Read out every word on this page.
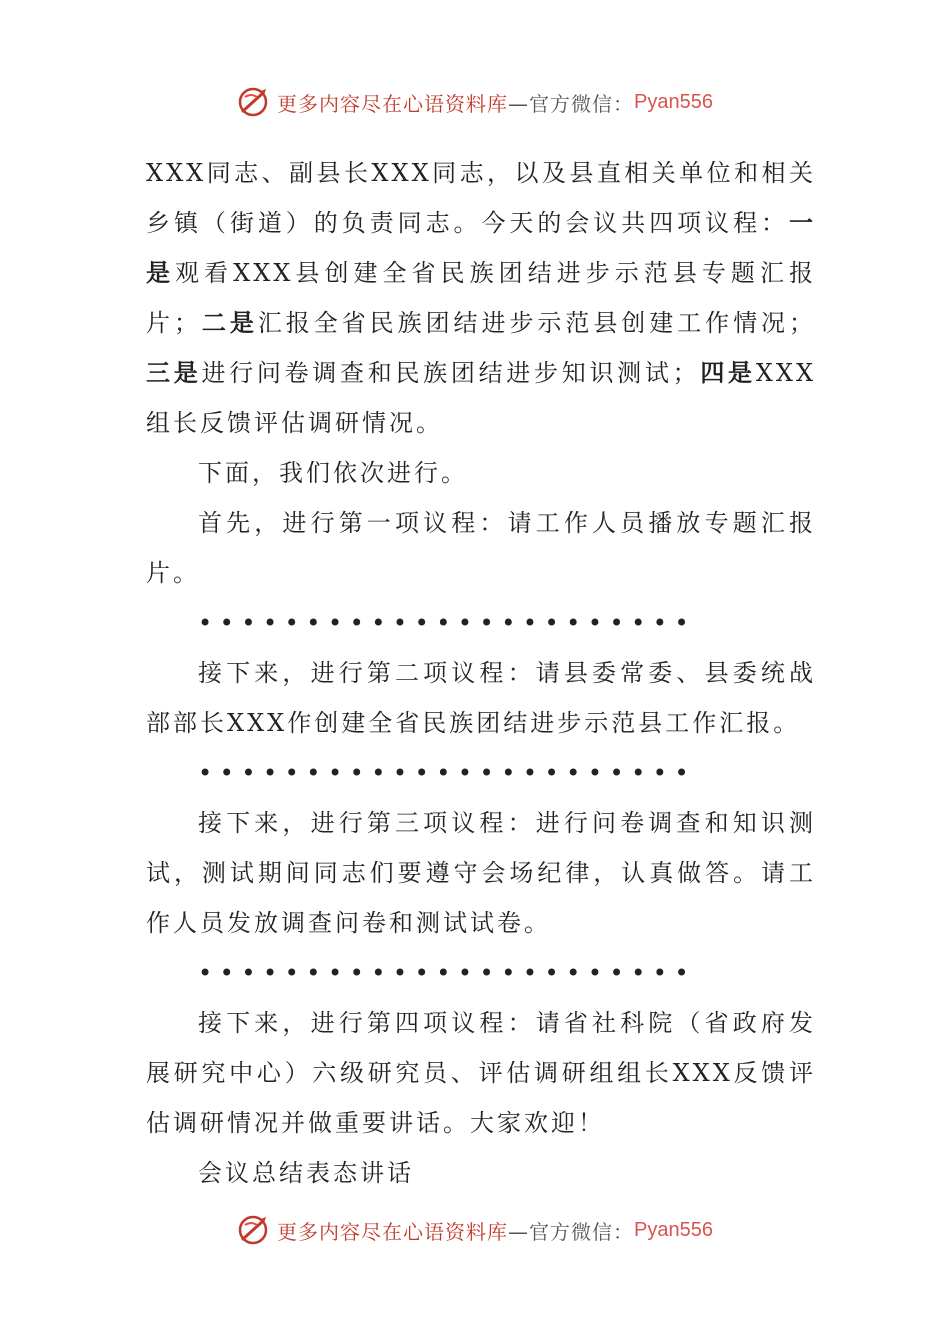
更多内容尽在心语资料库 —官方微信： Pyan556

XXX同志、副县长XXX同志，以及县直相关单位和相关乡镇（街道）的负责同志。今天的会议共四项议程：一是观看XXX县创建全省民族团结进步示范县专题汇报片；二是汇报全省民族团结进步示范县创建工作情况；三是进行问卷调查和民族团结进步知识测试；四是XXX组长反馈评估调研情况。

下面，我们依次进行。

首先，进行第一项议程：请工作人员播放专题汇报片。

•••••••••••••••••••••••

接下来，进行第二项议程：请县委常委、县委统战部部长XXX作创建全省民族团结进步示范县工作汇报。

•••••••••••••••••••••••

接下来，进行第三项议程：进行问卷调查和知识测试，测试期间同志们要遵守会场纪律，认真做答。请工作人员发放调查问卷和测试试卷。

•••••••••••••••••••••••

接下来，进行第四项议程：请省社科院（省政府发展研究中心）六级研究员、评估调研组组长XXX反馈评估调研情况并做重要讲话。大家欢迎！

会议总结表态讲话

更多内容尽在心语资料库 —官方微信： Pyan556
